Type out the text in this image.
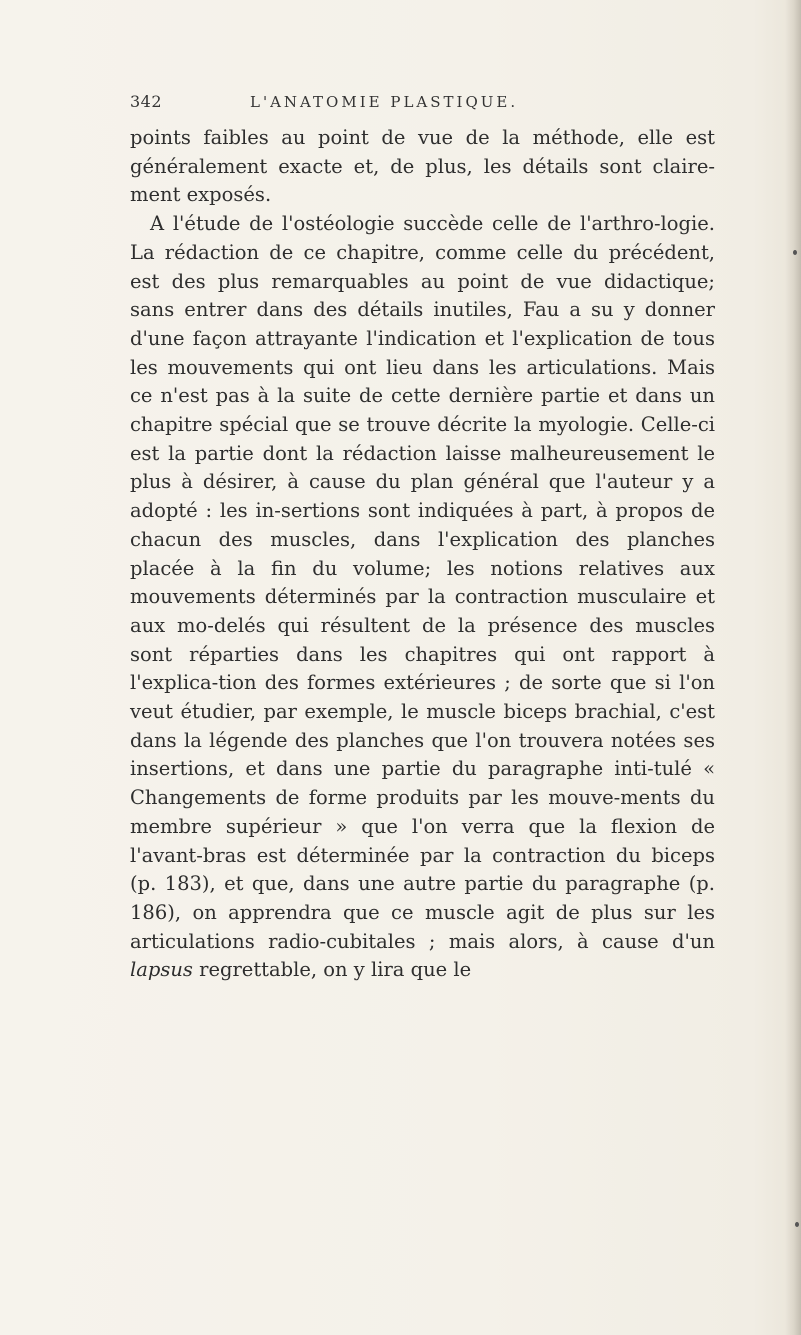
342	L'ANATOMIE PLASTIQUE.

points faibles au point de vue de la méthode, elle est généralement exacte et, de plus, les détails sont claire-ment exposés.

A l'étude de l'ostéologie succède celle de l'arthro-logie. La rédaction de ce chapitre, comme celle du précédent, est des plus remarquables au point de vue didactique; sans entrer dans des détails inutiles, Fau a su y donner d'une façon attrayante l'indication et l'explication de tous les mouvements qui ont lieu dans les articulations. Mais ce n'est pas à la suite de cette dernière partie et dans un chapitre spécial que se trouve décrite la myologie. Celle-ci est la partie dont la rédaction laisse malheureusement le plus à désirer, à cause du plan général que l'auteur y a adopté : les in-sertions sont indiquées à part, à propos de chacun des muscles, dans l'explication des planches placée à la fin du volume; les notions relatives aux mouvements déterminés par la contraction musculaire et aux mo-delés qui résultent de la présence des muscles sont réparties dans les chapitres qui ont rapport à l'explica-tion des formes extérieures ; de sorte que si l'on veut étudier, par exemple, le muscle biceps brachial, c'est dans la légende des planches que l'on trouvera notées ses insertions, et dans une partie du paragraphe inti-tulé « Changements de forme produits par les mouve-ments du membre supérieur » que l'on verra que la flexion de l'avant-bras est déterminée par la contraction du biceps (p. 183), et que, dans une autre partie du paragraphe (p. 186), on apprendra que ce muscle agit de plus sur les articulations radio-cubitales ; mais alors, à cause d'un lapsus regrettable, on y lira que le
